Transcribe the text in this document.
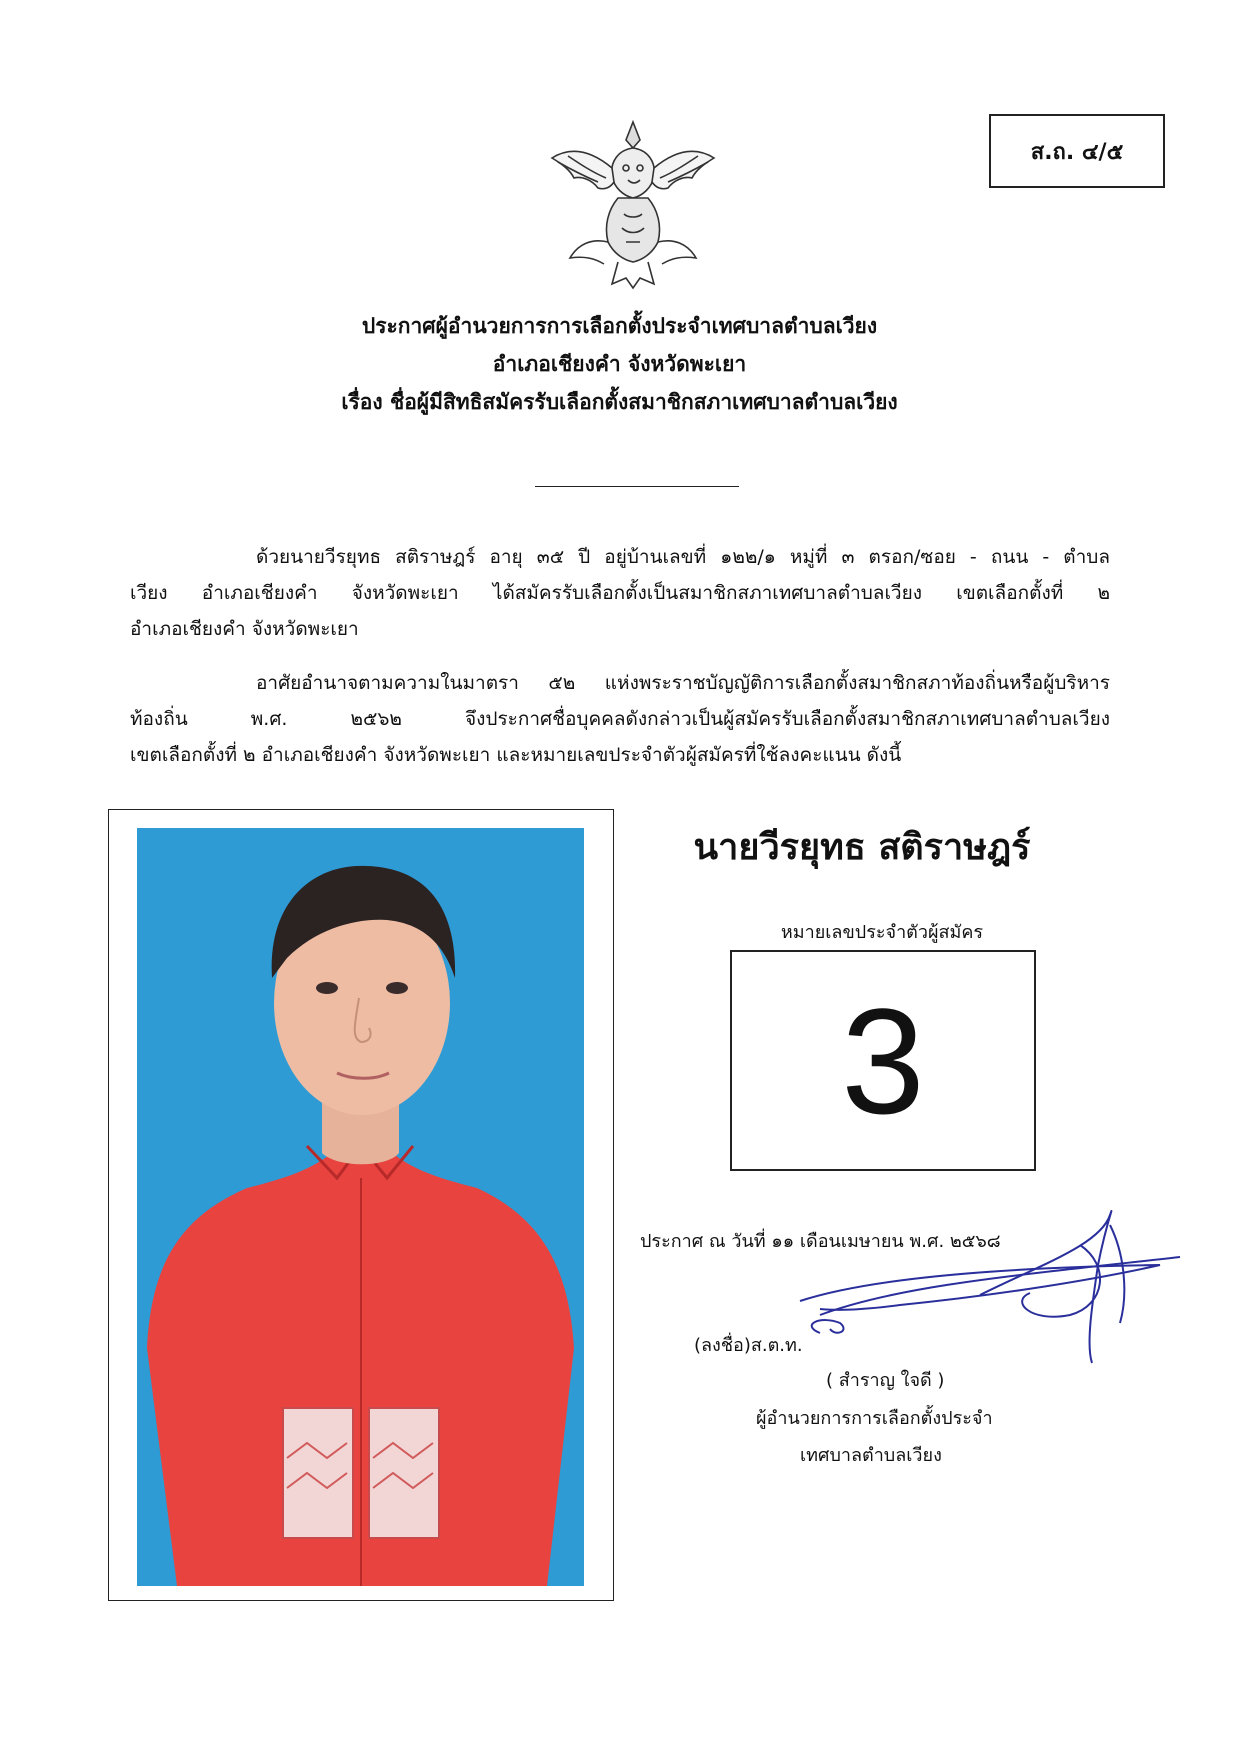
ส.ถ. ๔/๕
ประกาศผู้อำนวยการการเลือกตั้งประจำเทศบาลตำบลเวียง
อำเภอเชียงคำ จังหวัดพะเยา
เรื่อง ชื่อผู้มีสิทธิสมัครรับเลือกตั้งสมาชิกสภาเทศบาลตำบลเวียง
ด้วยนายวีรยุทธ สติราษฎร์ อายุ ๓๕ ปี อยู่บ้านเลขที่ ๑๒๒/๑ หมู่ที่ ๓ ตรอก/ซอย - ถนน - ตำบล
เวียง อำเภอเชียงคำ จังหวัดพะเยา ได้สมัครรับเลือกตั้งเป็นสมาชิกสภาเทศบาลตำบลเวียง เขตเลือกตั้งที่ ๒
อำเภอเชียงคำ จังหวัดพะเยา
อาศัยอำนาจตามความในมาตรา ๕๒ แห่งพระราชบัญญัติการเลือกตั้งสมาชิกสภาท้องถิ่นหรือผู้บริหาร
ท้องถิ่น พ.ศ. ๒๕๖๒ จึงประกาศชื่อบุคคลดังกล่าวเป็นผู้สมัครรับเลือกตั้งสมาชิกสภาเทศบาลตำบลเวียง
เขตเลือกตั้งที่ ๒ อำเภอเชียงคำ จังหวัดพะเยา และหมายเลขประจำตัวผู้สมัครที่ใช้ลงคะแนน ดังนี้
นายวีรยุทธ สติราษฎร์
หมายเลขประจำตัวผู้สมัคร
3
ประกาศ ณ วันที่ ๑๑ เดือนเมษายน พ.ศ. ๒๕๖๘
(ลงชื่อ)ส.ต.ท.
( สำราญ ใจดี )
ผู้อำนวยการการเลือกตั้งประจำ
เทศบาลตำบลเวียง
